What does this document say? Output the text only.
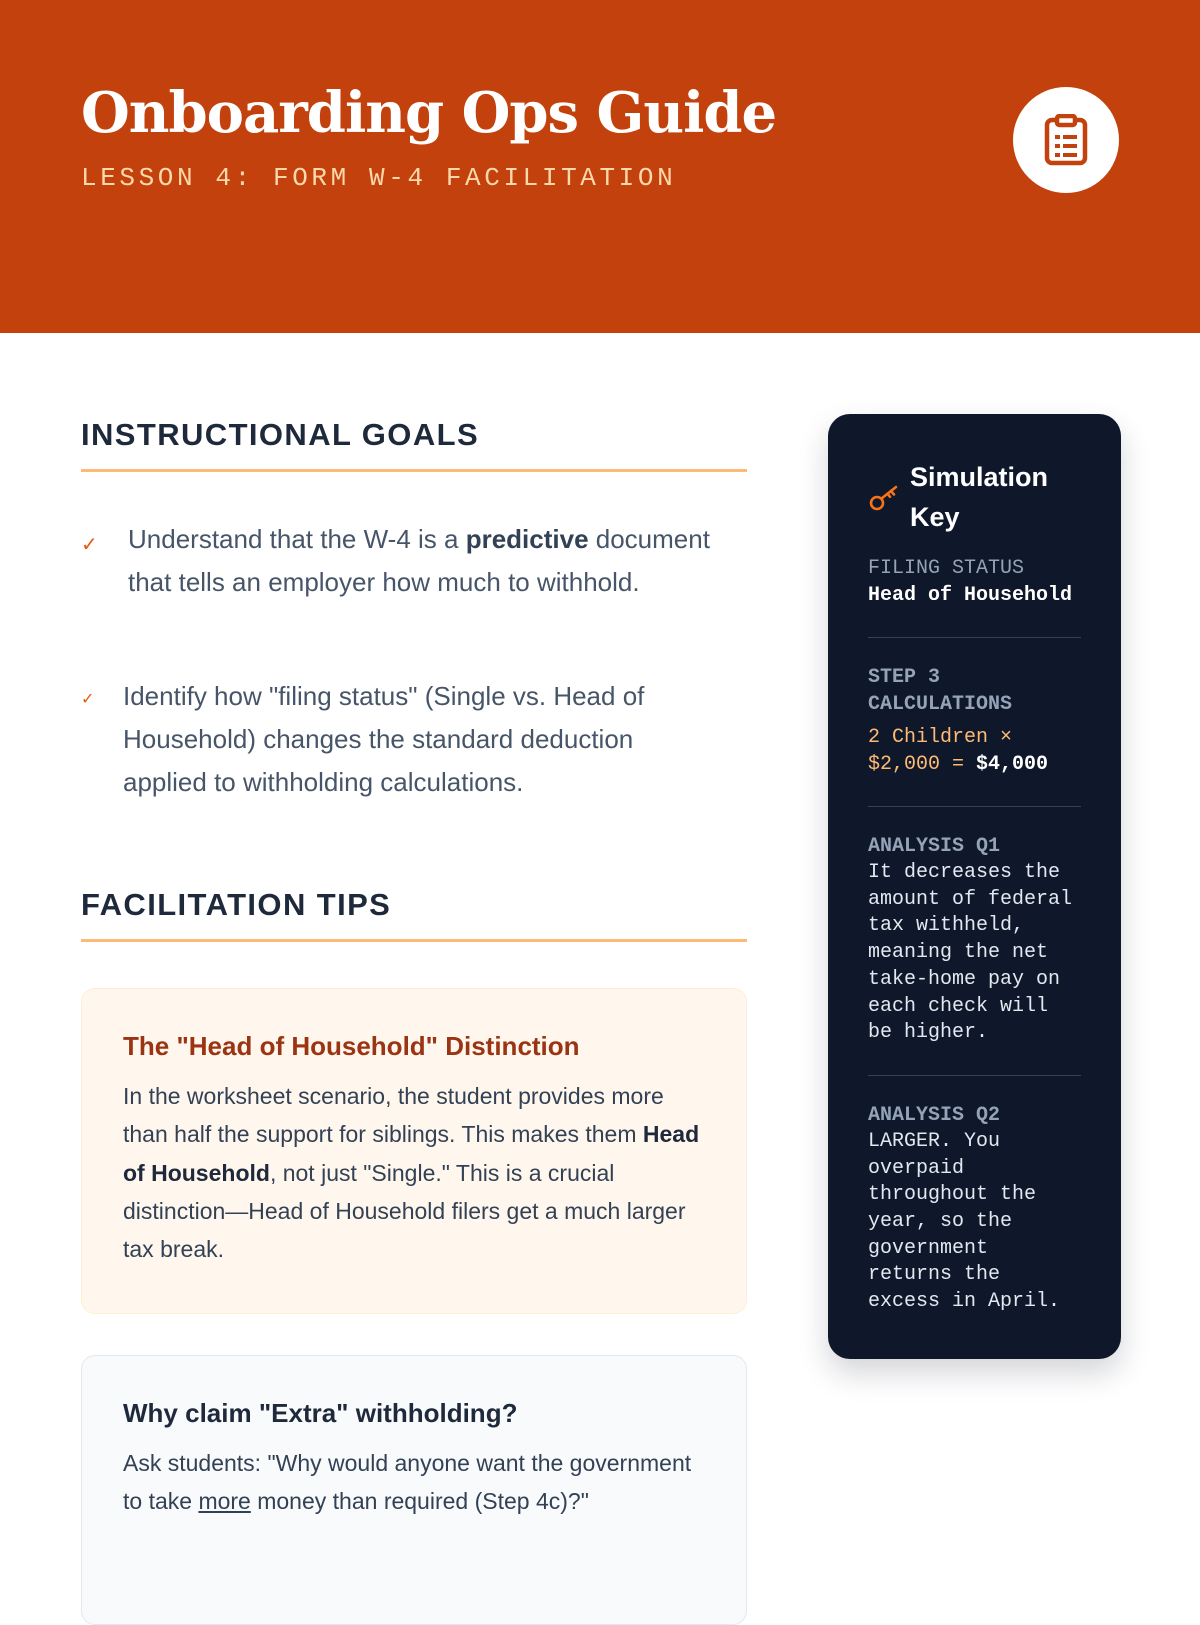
Onboarding Ops Guide
LESSON 4: FORM W-4 FACILITATION
INSTRUCTIONAL GOALS
✓	Understand that the W-4 is a predictive document that tells an employer how much to withhold.
✓	Identify how "filing status" (Single vs. Head of Household) changes the standard deduction applied to withholding calculations.
FACILITATION TIPS
The "Head of Household" Distinction
In the worksheet scenario, the student provides more than half the support for siblings. This makes them Head of Household, not just "Single." This is a crucial distinction—Head of Household filers get a much larger tax break.
Why claim "Extra" withholding?
Ask students: "Why would anyone want the government to take more money than required (Step 4c)?"
Simulation Key
FILING STATUS
Head of Household
STEP 3 CALCULATIONS
2 Children × $2,000 = $4,000
ANALYSIS Q1
It decreases the amount of federal tax withheld, meaning the net take-home pay on each check will be higher.
ANALYSIS Q2
LARGER. You overpaid throughout the year, so the government returns the excess in April.
